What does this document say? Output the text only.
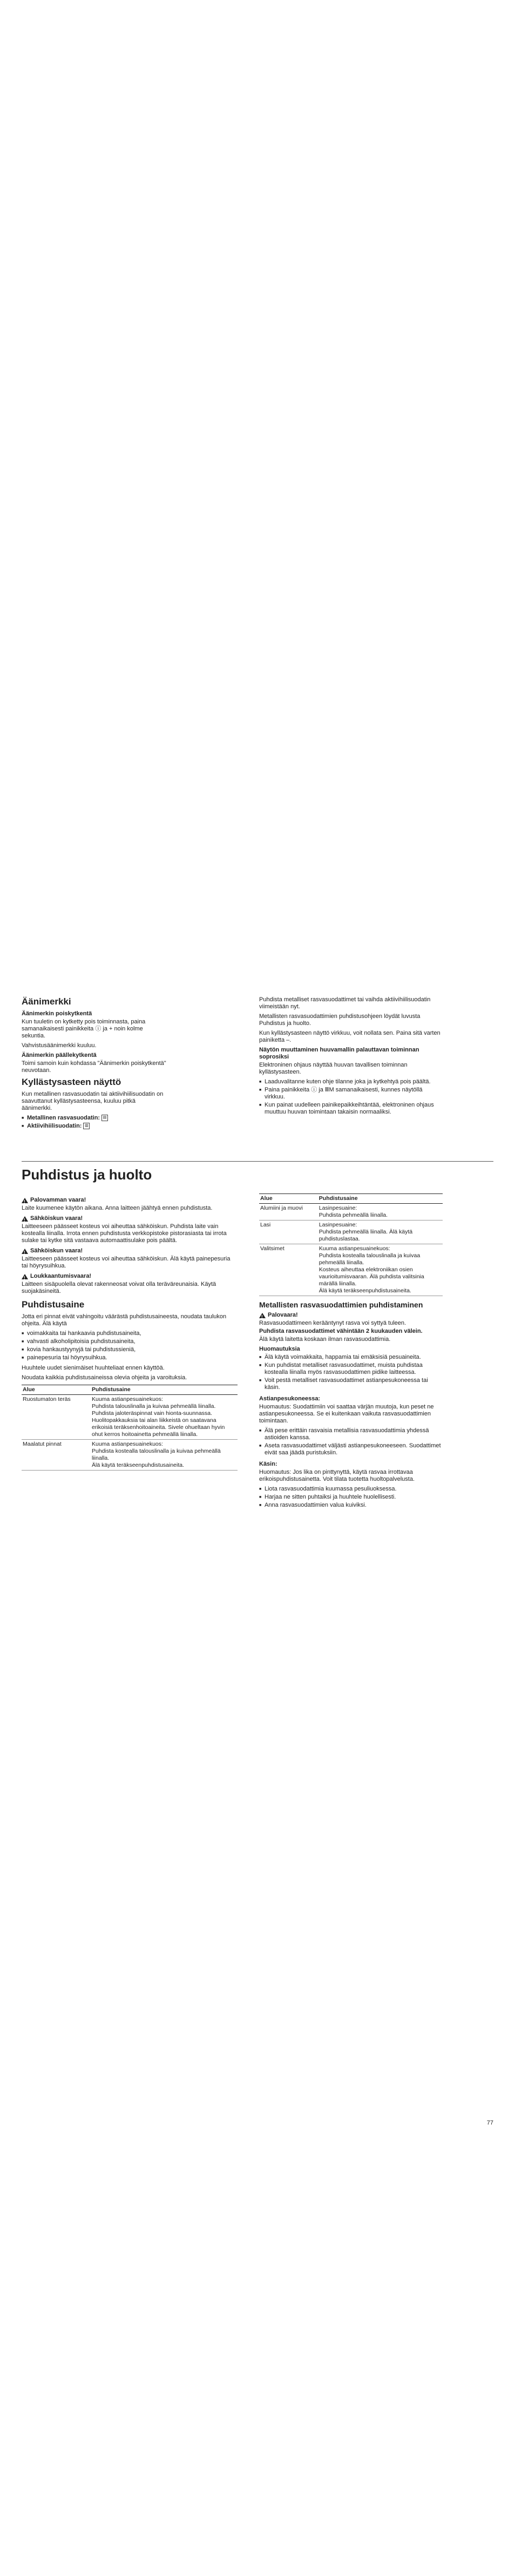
Äänimerkki
Äänimerkin poiskytkentä

Kun tuuletin on kytketty pois toiminnasta, paina samanaikaisesti painikkeita ⓘ ja + noin kolme sekuntia.

Vahvistusäänimerkki kuuluu.

Äänimerkin päällekytkentä

Toimi samoin kuin kohdassa "Äänimerkin poiskytkentä" neuvotaan.

Kyllästysasteen näyttö

Kun metallinen rasvasuodatin tai aktiivihiilisuodatin on saavuttanut kyllästysasteensa, kuuluu pitkä äänimerkki.

■ Metallinen rasvasuodatin: ▤
■ Aktiivihiilisuodatin: ▥

Puhdista metalliset rasvasuodattimet tai vaihda aktiivihiilisuodatin viimeistään nyt.

Metallisten rasvasuodattimien puhdistusohjeen löydät luvusta Puhdistus ja huolto.

Kun kyllästysasteen näyttö virkkuu, voit nollata sen. Paina sitä varten painiketta –.

Näytön muuttaminen huuvamallin palauttavan toiminnan soprosiksi

Elektroninen ohjaus näyttää huuvan tavallisen toiminnan kyllästysasteen.

■ Laaduvalitanne kuten ohje tilanne joka ja kytkehtyä pois päältä.
■ Paina painikkeita ⓘ ja ⅢM samanaikaisesti, kunnes näytöllä virkkuu.
■ Kun painat uudelleen painikepaikkeihtäntää, elektroninen ohjaus muuttuu huuvan toimintaan takaisin normaaliksi.
Puhdistus ja huolto
!
Palovamman vaara!

Laite kuumenee käytön aikana. Anna laitteen jäähtyä ennen puhdistusta.

!
Sähköiskun vaara!

Laitteeseen päässeet kosteus voi aiheuttaa sähköiskun. Puhdista laite vain kostealla liinalla. Irrota ennen puhdistusta verkkopistoke pistorasiasta tai irrota sulake tai kytke sitä vastaava automaattisulake pois päältä.

!
Sähköiskun vaara!

Laitteeseen päässeet kosteus voi aiheuttaa sähköiskun. Älä käytä painepesuria tai höyrysuihkua.

!
Loukkaantumisvaara!

Laitteen sisäpuolella olevat rakenneosat voivat olla teräväreunaisia. Käytä suojakäsineitä.

Puhdistusaine

Jotta eri pinnat eivät vahingoitu väärästä puhdistusaineesta, noudata taulukon ohjeita. Älä käytä

■ voimakkaita tai hankaavia puhdistusaineita,
■ vahvasti alkoholipitoisia puhdistusaineita,
■ kovia hankaustyynyjä tai puhdistussieniä,
■ painepesuria tai höyrysuihkua.

Huuhtele uudet sienimäiset huuhteliaat ennen käyttöä.

Noudata kaikkia puhdistusaineissa olevia ohjeita ja varoituksia.

Alue	Puhdistusaine
Ruostumaton teräs	Kuuma astianpesuainekuos:
Puhdista talouslinalla ja kuivaa pehmeällä liinalla.
Puhdista jaloteräspinnat vain hionta-suunnassa.
Huolitopakkauksia tai alan liikkeistä on saatavana erikoisiä teräksenhoitoaineita. Sivele ohueltaan hyvin ohut kerros hoitoainetta pehmeällä liinalla.
Maalatut pinnat	Kuuma astianpesuainekuos:
Puhdista kostealla talouslinalla ja kuivaa pehmeällä liinalla.
Älä käytä teräkseenpuhdistusaineita.
Alue	Puhdistusaine
Alumiini ja muovi	Lasinpesuaine:
Puhdista pehmeällä liinalla.
Lasi	Lasinpesuaine:
Puhdista pehmeällä liinalla. Älä käytä puhdistuslastaa.
Valitsimet	Kuuma astianpesuainekuos:
Puhdista kostealla talouslinalla ja kuivaa pehmeällä liinalla.
Kosteus aiheuttaa elektroniikan osien vaurioitumisvaaran. Älä puhdista valitsinia märällä liinalla.
Älä käytä teräkseenpuhdistusaineita.
Metallisten rasvasuodattimien puhdistaminen
!
Palovaara!

Rasvasuodattimeen kerääntynyt rasva voi syttyä tuleen.

Puhdista rasvasuodattimet vähintään 2 kuukauden välein.

Älä käytä laitetta koskaan ilman rasvasuodattimia.

Huomautuksia
■ Älä käytä voimakkaita, happamia tai emäksisiä pesuaineita.
■ Kun puhdistat metalliset rasvasuodattimet, muista puhdistaa kostealla liinalla myös rasvasuodattimen pidike laitteessa.
■ Voit pestä metalliset rasvasuodattimet astianpesukoneessa tai käsin.
Astianpesukoneessa:

Huomautus: Suodattimiin voi saattaa värjän muutoja, kun peset ne astianpesukoneessa. Se ei kuitenkaan vaikuta rasvasuodattimien toimintaan.

■ Älä pese erittäin rasvaisia metallisia rasvasuodattimia yhdessä astioiden kanssa.
■ Aseta rasvasuodattimet väljästi astianpesukoneeseen. Suodattimet eivät saa jäädä puristuksiin.
Käsin:

Huomautus: Jos lika on pinttynyttä, käytä rasvaa irrottavaa erikoispuhdistusainetta. Voit tilata tuotetta huoltopalvelusta.

■ Liota rasvasuodattimia kuumassa pesuliuoksessa.
■ Harjaa ne sitten puhtaiksi ja huuhtele huolellisesti.
■ Anna rasvasuodattimien valua kuiviksi.
77
